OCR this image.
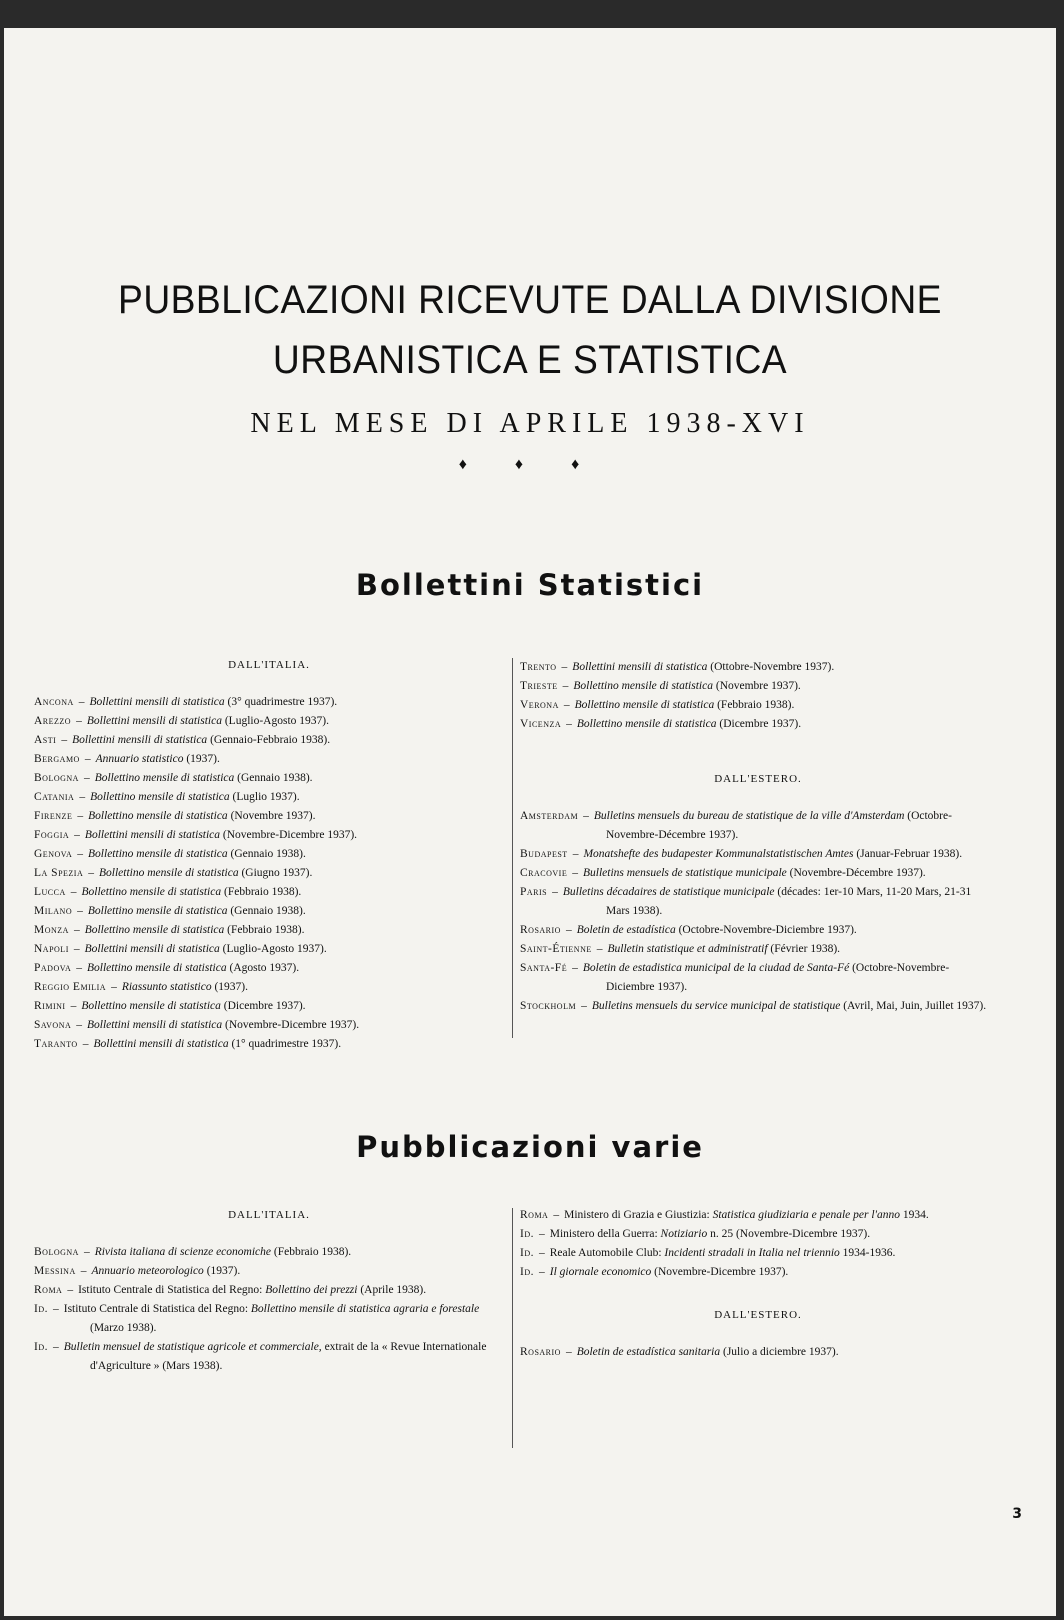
PUBBLICAZIONI RICEVUTE DALLA DIVISIONE
URBANISTICA E STATISTICA
NEL MESE DI APRILE 1938-XVI
♦ ♦ ♦
Bollettini Statistici
DALL'ITALIA.
Ancona – Bollettini mensili di statistica (3° quadrimestre 1937).
Arezzo – Bollettini mensili di statistica (Luglio-Agosto 1937).
Asti – Bollettini mensili di statistica (Gennaio-Febbraio 1938).
Bergamo – Annuario statistico (1937).
Bologna – Bollettino mensile di statistica (Gennaio 1938).
Catania – Bollettino mensile di statistica (Luglio 1937).
Firenze – Bollettino mensile di statistica (Novembre 1937).
Foggia – Bollettini mensili di statistica (Novembre-Dicembre 1937).
Genova – Bollettino mensile di statistica (Gennaio 1938).
La Spezia – Bollettino mensile di statistica (Giugno 1937).
Lucca – Bollettino mensile di statistica (Febbraio 1938).
Milano – Bollettino mensile di statistica (Gennaio 1938).
Monza – Bollettino mensile di statistica (Febbraio 1938).
Napoli – Bollettini mensili di statistica (Luglio-Agosto 1937).
Padova – Bollettino mensile di statistica (Agosto 1937).
Reggio Emilia – Riassunto statistico (1937).
Rimini – Bollettino mensile di statistica (Dicembre 1937).
Savona – Bollettini mensili di statistica (Novembre-Dicembre 1937).
Taranto – Bollettini mensili di statistica (1° quadrimestre 1937).
Trento – Bollettini mensili di statistica (Ottobre-Novembre 1937).
Trieste – Bollettino mensile di statistica (Novembre 1937).
Verona – Bollettino mensile di statistica (Febbraio 1938).
Vicenza – Bollettino mensile di statistica (Dicembre 1937).
DALL'ESTERO.
Amsterdam – Bulletins mensuels du bureau de statistique de la ville d'Amsterdam (Octobre-Novembre-Décembre 1937).
Budapest – Monatshefte des budapester Kommunalstatistischen Amtes (Januar-Februar 1938).
Cracovie – Bulletins mensuels de statistique municipale (Novembre-Décembre 1937).
Paris – Bulletins décadaires de statistique municipale (décades: 1er-10 Mars, 11-20 Mars, 21-31 Mars 1938).
Rosario – Boletin de estadística (Octobre-Novembre-Diciembre 1937).
Saint-Étienne – Bulletin statistique et administratif (Février 1938).
Santa-Fé – Boletin de estadistica municipal de la ciudad de Santa-Fé (Octobre-Novembre-Diciembre 1937).
Stockholm – Bulletins mensuels du service municipal de statistique (Avril, Mai, Juin, Juillet 1937).
Pubblicazioni varie
DALL'ITALIA.
Bologna – Rivista italiana di scienze economiche (Febbraio 1938).
Messina – Annuario meteorologico (1937).
Roma – Istituto Centrale di Statistica del Regno: Bollettino dei prezzi (Aprile 1938).
Id. – Istituto Centrale di Statistica del Regno: Bollettino mensile di statistica agraria e forestale (Marzo 1938).
Id. – Bulletin mensuel de statistique agricole et commerciale, extrait de la « Revue Internationale d'Agriculture » (Mars 1938).
Roma – Ministero di Grazia e Giustizia: Statistica giudiziaria e penale per l'anno 1934.
Id. – Ministero della Guerra: Notiziario n. 25 (Novembre-Dicembre 1937).
Id. – Reale Automobile Club: Incidenti stradali in Italia nel triennio 1934-1936.
Id. – Il giornale economico (Novembre-Dicembre 1937).
DALL'ESTERO.
Rosario – Boletin de estadística sanitaria (Julio a diciembre 1937).
3
